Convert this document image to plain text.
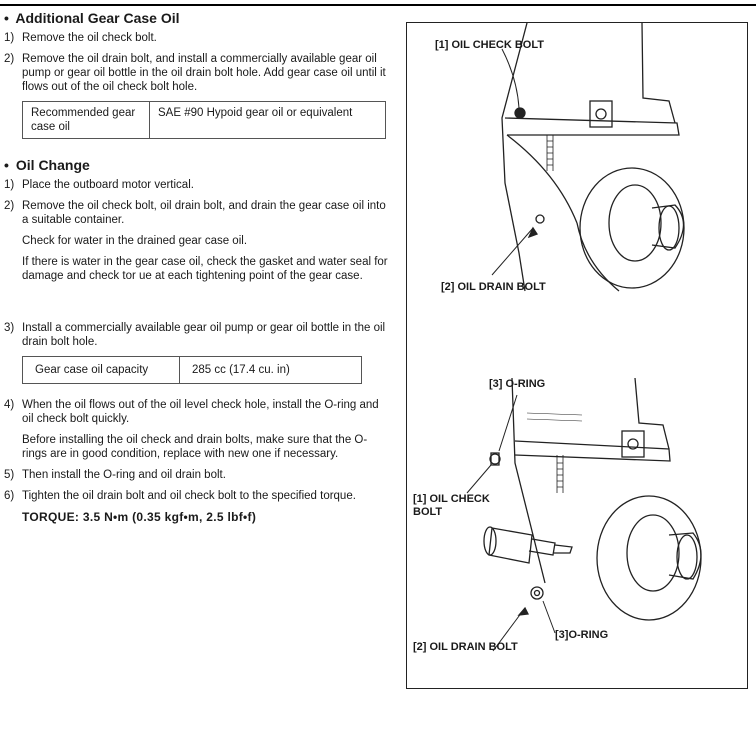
• Additional Gear Case Oil
1) Remove the oil check bolt.
2) Remove the oil drain bolt, and install a commercially available gear oil pump or gear oil bottle in the oil drain bolt hole. Add gear case oil until it flows out of the oil check bolt hole.
Recommended gear case oil	SAE #90 Hypoid gear oil or equivalent
• Oil Change
1) Place the outboard motor vertical.
2) Remove the oil check bolt, oil drain bolt, and drain the gear case oil into a suitable container.
Check for water in the drained gear case oil.
If there is water in the gear case oil, check the gasket and water seal for damage and check tor ue at each tightening point of the gear case.
3) Install a commercially available gear oil pump or gear oil bottle in the oil drain bolt hole.
Gear case oil capacity	285 cc (17.4 cu. in)
4) When the oil flows out of the oil level check hole, install the O-ring and oil check bolt quickly.
Before installing the oil check and drain bolts, make sure that the O-rings are in good condition, replace with new one if necessary.
5) Then install the O-ring and oil drain bolt.
6) Tighten the oil drain bolt and oil check bolt to the specified torque.
TORQUE: 3.5 N•m (0.35 kgf•m, 2.5 lbf•f)
[1] OIL CHECK BOLT
[2] OIL DRAIN BOLT
[3] O-RING
[1] OIL CHECK
BOLT
[3]O-RING
[2] OIL DRAIN BOLT
